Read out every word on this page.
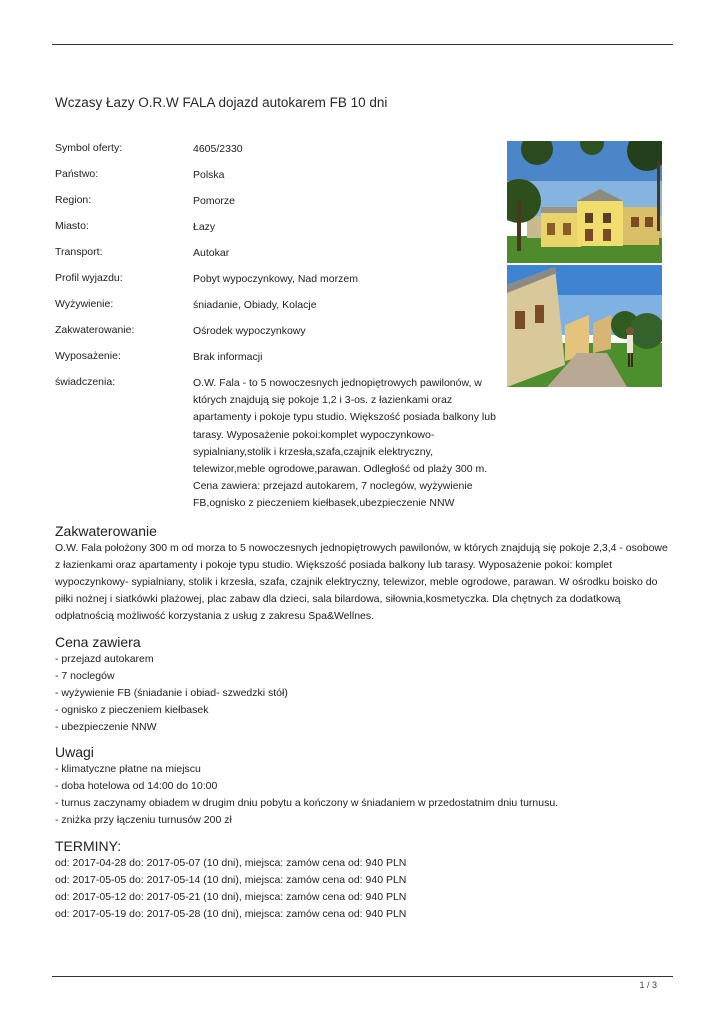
Wczasy Łazy O.R.W FALA dojazd autokarem FB 10 dni
Symbol oferty:	4605/2330
Państwo:	Polska
Region:	Pomorze
Miasto:	Łazy
Transport:	Autokar
Profil wyjazdu:	Pobyt wypoczynkowy, Nad morzem
Wyżywienie:	śniadanie, Obiady, Kolacje
Zakwaterowanie:	Ośrodek wypoczynkowy
Wyposażenie:	Brak informacji
świadczenia:	O.W. Fala - to 5 nowoczesnych jednopiętrowych pawilonów, w których znajdują się pokoje 1,2 i 3-os. z łazienkami oraz apartamenty i pokoje typu studio. Większość posiada balkony lub tarasy. Wyposażenie pokoi:komplet wypoczynkowo-sypialniany,stolik i krzesła,szafa,czajnik elektryczny, telewizor,meble ogrodowe,parawan. Odległość od plaży 300 m. Cena zawiera: przejazd autokarem, 7 noclegów, wyżywienie FB,ognisko z pieczeniem kiełbasek,ubezpieczenie NNW
Zakwaterowanie

O.W. Fala położony 300 m od morza to 5 nowoczesnych jednopiętrowych pawilonów, w których znajdują się pokoje 2,3,4 - osobowe z łazienkami oraz apartamenty i pokoje typu studio. Większość posiada balkony lub tarasy. Wyposażenie pokoi: komplet wypoczynkowy- sypialniany, stolik i krzesła, szafa, czajnik elektryczny, telewizor, meble ogrodowe, parawan. W ośrodku boisko do piłki nożnej i siatkówki plażowej, plac zabaw dla dzieci, sala bilardowa, siłownia,kosmetyczka. Dla chętnych za dodatkową odpłatnością możliwość korzystania z usług z zakresu Spa&Wellnes.

Cena zawiera
- przejazd autokarem
- 7 noclegów
- wyżywienie FB (śniadanie i obiad- szwedzki stół)
- ognisko z pieczeniem kiełbasek
- ubezpieczenie NNW
Uwagi
- klimatyczne płatne na miejscu
- doba hotelowa od 14:00 do 10:00
- turnus zaczynamy obiadem w drugim dniu pobytu a kończony w śniadaniem w przedostatnim dniu turnusu.
- zniżka przy łączeniu turnusów 200 zł
TERMINY:
od: 2017-04-28 do: 2017-05-07 (10 dni), miejsca: zamów cena od: 940 PLN
od: 2017-05-05 do: 2017-05-14 (10 dni), miejsca: zamów cena od: 940 PLN
od: 2017-05-12 do: 2017-05-21 (10 dni), miejsca: zamów cena od: 940 PLN
od: 2017-05-19 do: 2017-05-28 (10 dni), miejsca: zamów cena od: 940 PLN
1 / 3
